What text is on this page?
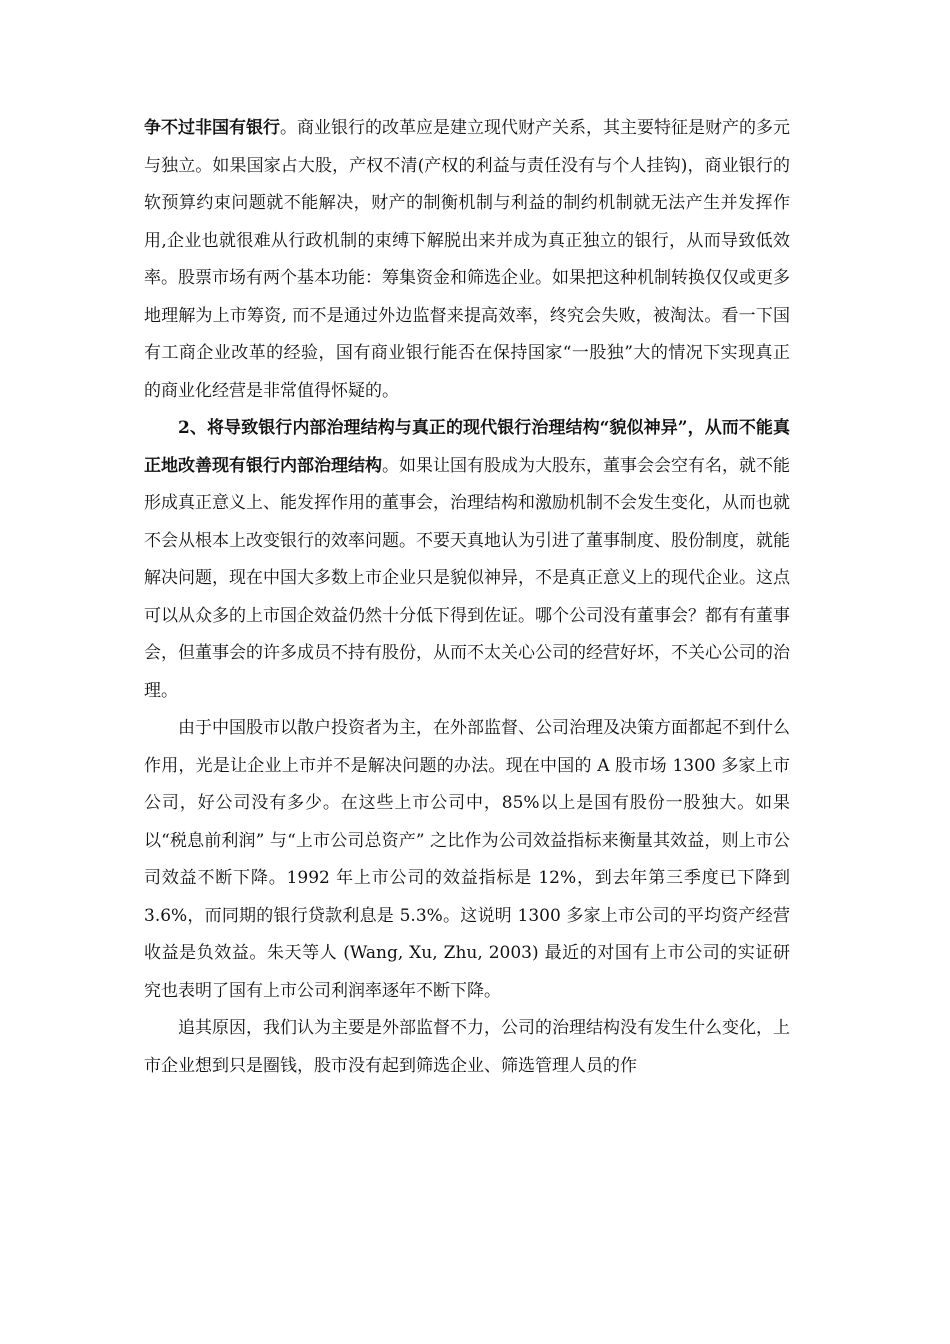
争不过非国有银行。商业银行的改革应是建立现代财产关系，其主要特征是财产的多元与独立。如果国家占大股，产权不清(产权的利益与责任没有与个人挂钩)，商业银行的软预算约束问题就不能解决，财产的制衡机制与利益的制约机制就无法产生并发挥作用,企业也就很难从行政机制的束缚下解脱出来并成为真正独立的银行，从而导致低效率。股票市场有两个基本功能：筹集资金和筛选企业。如果把这种机制转换仅仅或更多地理解为上市筹资, 而不是通过外边监督来提高效率，终究会失败，被淘汰。看一下国有工商企业改革的经验，国有商业银行能否在保持国家“一股独”大的情况下实现真正的商业化经营是非常值得怀疑的。

2、将导致银行内部治理结构与真正的现代银行治理结构“貌似神异”，从而不能真正地改善现有银行内部治理结构。如果让国有股成为大股东，董事会会空有名，就不能形成真正意义上、能发挥作用的董事会，治理结构和激励机制不会发生变化，从而也就不会从根本上改变银行的效率问题。不要天真地认为引进了董事制度、股份制度，就能解决问题，现在中国大多数上市企业只是貌似神异，不是真正意义上的现代企业。这点可以从众多的上市国企效益仍然十分低下得到佐证。哪个公司没有董事会？都有有董事会，但董事会的许多成员不持有股份，从而不太关心公司的经营好坏，不关心公司的治理。

由于中国股市以散户投资者为主，在外部监督、公司治理及决策方面都起不到什么作用，光是让企业上市并不是解决问题的办法。现在中国的 A 股市场 1300 多家上市公司，好公司没有多少。在这些上市公司中，85%以上是国有股份一股独大。如果以“税息前利润” 与“上市公司总资产” 之比作为公司效益指标来衡量其效益，则上市公司效益不断下降。1992 年上市公司的效益指标是 12%，到去年第三季度已下降到 3.6%，而同期的银行贷款利息是 5.3%。这说明 1300 多家上市公司的平均资产经营收益是负效益。朱天等人 (Wang, Xu, Zhu, 2003) 最近的对国有上市公司的实证研究也表明了国有上市公司利润率逐年不断下降。

追其原因，我们认为主要是外部监督不力，公司的治理结构没有发生什么变化，上市企业想到只是圈钱，股市没有起到筛选企业、筛选管理人员的作
